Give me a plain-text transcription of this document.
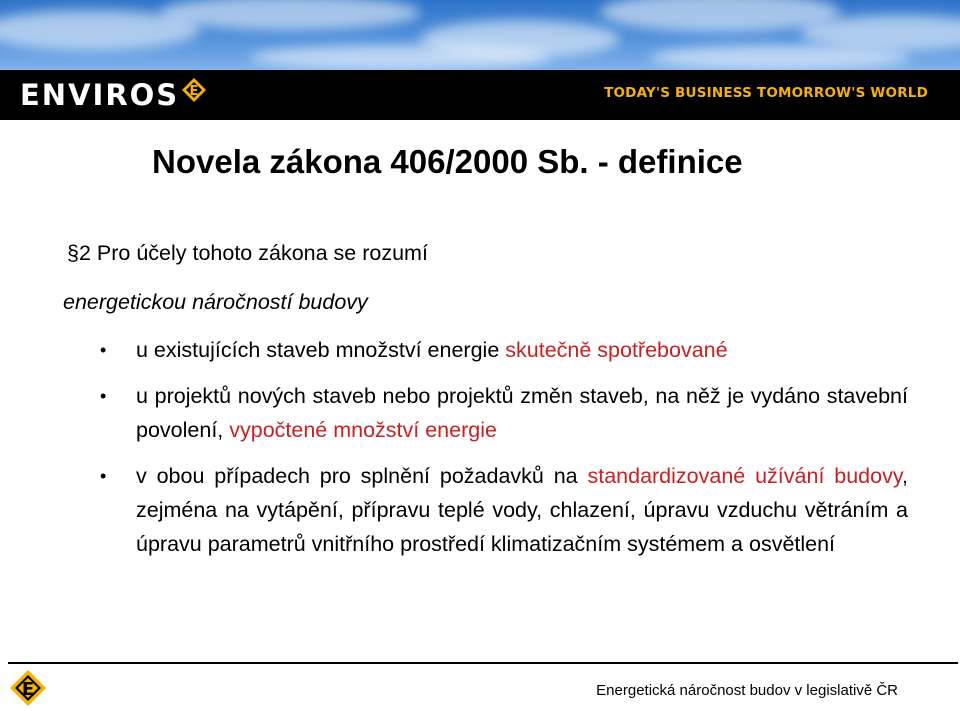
ENVIROS E	TODAY'S BUSINESS TOMORROW'S WORLD
Novela zákona 406/2000 Sb. - definice
§2 Pro účely tohoto zákona se rozumí
energetickou náročností budovy
• u existujících staveb množství energie skutečně spotřebované
• u projektů nových staveb nebo projektů změn staveb, na něž je vydáno stavební povolení, vypočtené množství energie
• v obou případech pro splnění požadavků na standardizované užívání budovy, zejména na vytápění, přípravu teplé vody, chlazení, úpravu vzduchu větráním a úpravu parametrů vnitřního prostředí klimatizačním systémem a osvětlení
E	Energetická náročnost budov v legislativě ČR
